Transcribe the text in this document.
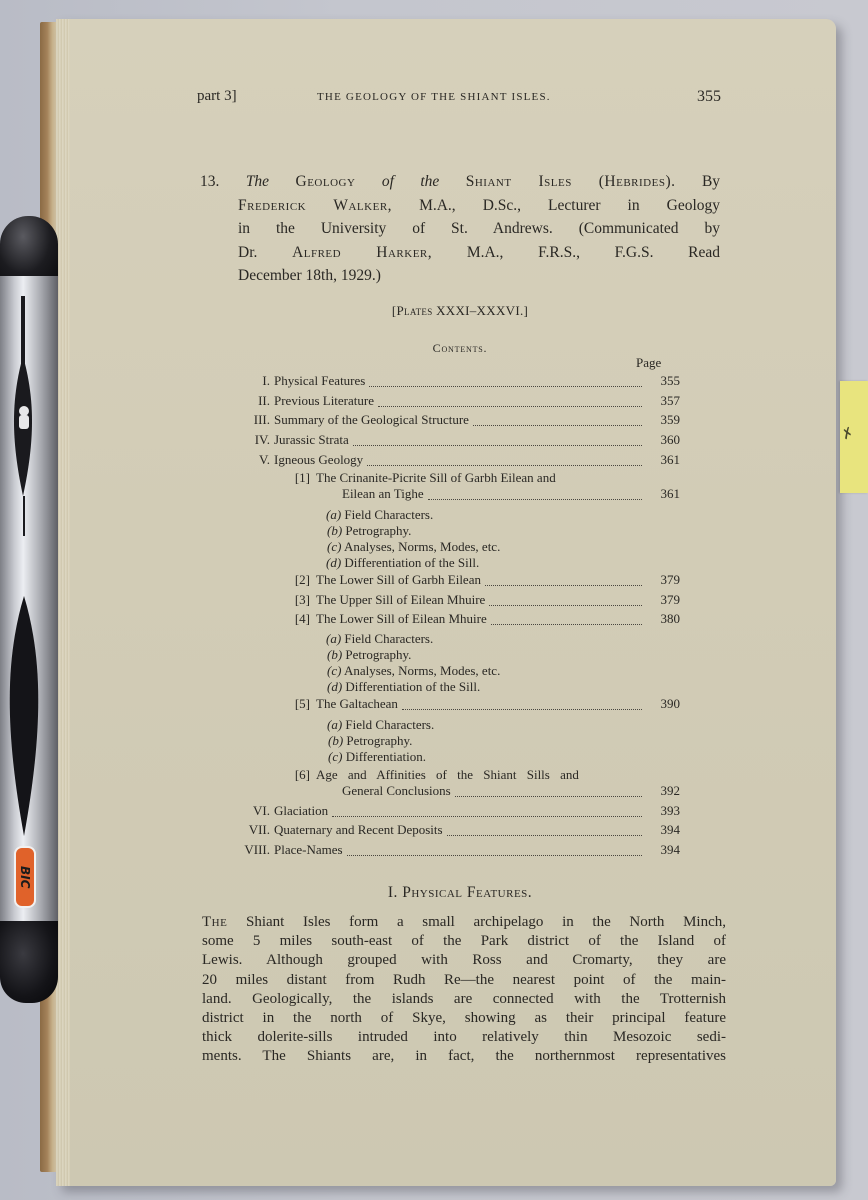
✗
BIC
part 3]	THE GEOLOGY OF THE SHIANT ISLES.	355
13. The Geology of the Shiant Isles (Hebrides). By
Frederick Walker, M.A., D.Sc., Lecturer in Geology
in the University of St. Andrews. (Communicated by
Dr. Alfred Harker, M.A., F.R.S., F.G.S. Read
December 18th, 1929.)
[Plates XXXI–XXXVI.]
Contents.
Page
I. Physical Features	355
II. Previous Literature	357
III. Summary of the Geological Structure	359
IV. Jurassic Strata	360
V. Igneous Geology	361
[1] The Crinanite-Picrite Sill of Garbh Eilean and
Eilean an Tighe	361
(a) Field Characters.
(b) Petrography.
(c) Analyses, Norms, Modes, etc.
(d) Differentiation of the Sill.
[2] The Lower Sill of Garbh Eilean	379
[3] The Upper Sill of Eilean Mhuire	379
[4] The Lower Sill of Eilean Mhuire	380
(a) Field Characters.
(b) Petrography.
(c) Analyses, Norms, Modes, etc.
(d) Differentiation of the Sill.
[5] The Galtachean	390
(a) Field Characters.
(b) Petrography.
(c) Differentiation.
[6] Age and Affinities of the Shiant Sills and
General Conclusions	392
VI. Glaciation	393
VII. Quaternary and Recent Deposits	394
VIII. Place-Names	394
I. Physical Features.
The Shiant Isles form a small archipelago in the North Minch,
some 5 miles south-east of the Park district of the Island of
Lewis. Although grouped with Ross and Cromarty, they are
20 miles distant from Rudh Re—the nearest point of the main-
land. Geologically, the islands are connected with the Trotternish
district in the north of Skye, showing as their principal feature
thick dolerite-sills intruded into relatively thin Mesozoic sedi-
ments. The Shiants are, in fact, the northernmost representatives
